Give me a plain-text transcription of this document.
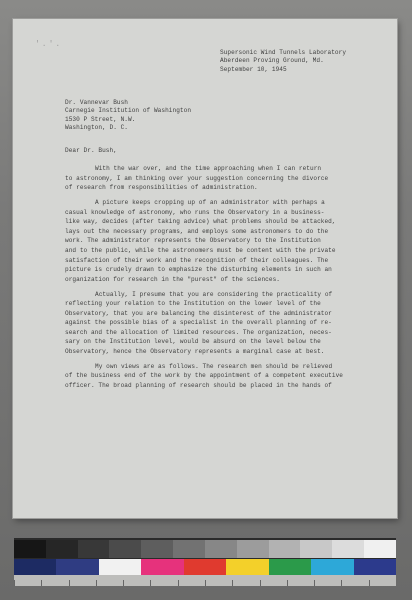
'.'.
Supersonic Wind Tunnels Laboratory
Aberdeen Proving Ground, Md.
September 10, 1945
Dr. Vannevar Bush
Carnegie Institution of Washington
1530 P Street, N.W.
Washington, D. C.
Dear Dr. Bush,
With the war over, and the time approaching when I can return
to astronomy, I am thinking over your suggestion concerning the divorce
of research from responsibilities of administration.
A picture keeps cropping up of an administrator with perhaps a
casual knowledge of astronomy, who runs the Observatory in a business-
like way, decides (after taking advice) what problems should be attacked,
lays out the necessary programs, and employs some astronomers to do the
work. The administrator represents the Observatory to the Institution
and to the public, while the astronomers must be content with the private
satisfaction of their work and the recognition of their colleagues. The
picture is crudely drawn to emphasize the disturbing elements in such an
organization for research in the "purest" of the sciences.
Actually, I presume that you are considering the practicality of
reflecting your relation to the Institution on the lower level of the
Observatory, that you are balancing the disinterest of the administrator
against the possible bias of a specialist in the overall planning of re-
search and the allocation of limited resources. The organization, neces-
sary on the Institution level, would be absurd on the level below the
Observatory, hence the Observatory represents a marginal case at best.
My own views are as follows. The research men should be relieved
of the business end of the work by the appointment of a competent executive
officer. The broad planning of research should be placed in the hands of
